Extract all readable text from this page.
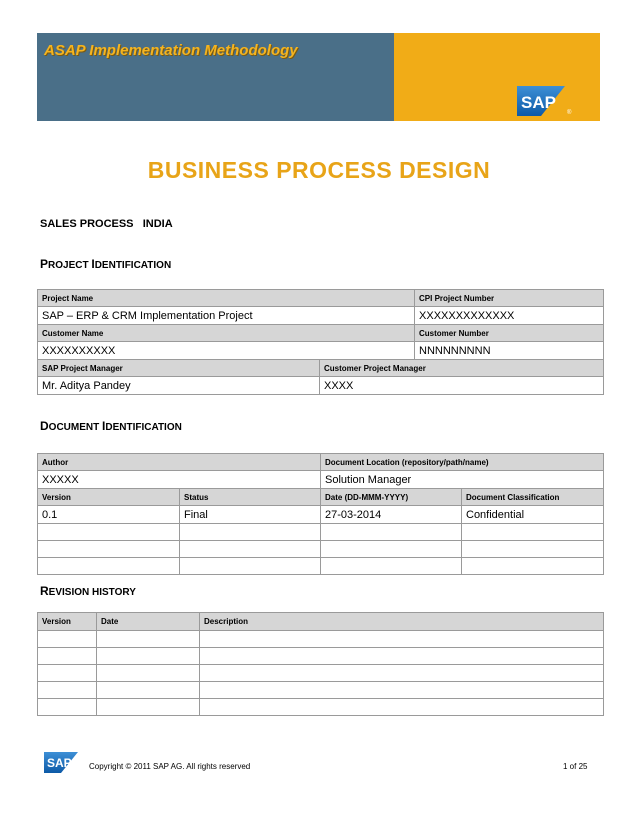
ASAP Implementation Methodology
SAP
®
BUSINESS PROCESS DESIGN
SALES PROCESS   INDIA
PROJECT IDENTIFICATION
Project Name		CPI Project Number
SAP – ERP & CRM Implementation Project		XXXXXXXXXXXXX
Customer Name		Customer Number
XXXXXXXXXX		NNNNNNNNN
SAP Project Manager	Customer Project Manager	
Mr. Aditya Pandey	XXXX	
DOCUMENT IDENTIFICATION
Author		Document Location (repository/path/name)	
XXXXX		Solution Manager	
Version	Status	Date (DD-MMM-YYYY)	Document Classification
0.1	Final	27-03-2014	Confidential

REVISION HISTORY
Version	Date	Description

SAP Copyright © 2011 SAP AG. All rights reserved	1 of 25
